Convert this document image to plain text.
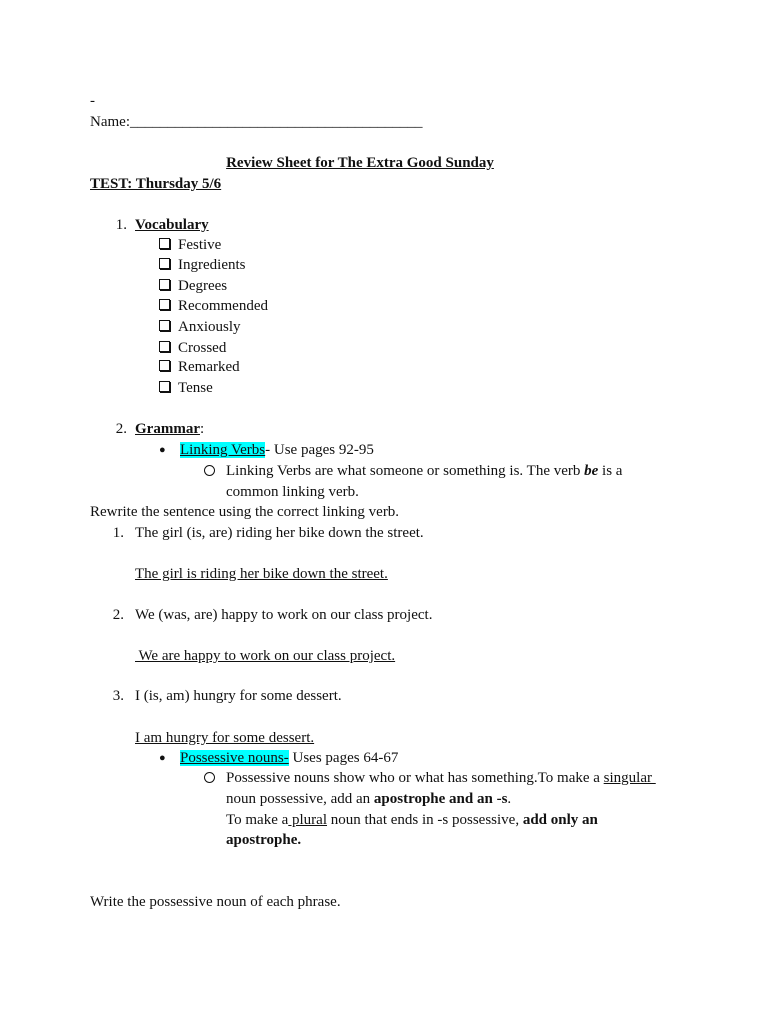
-
Name:_______________________________________
Review Sheet for The Extra Good Sunday
TEST: Thursday 5/6
1. Vocabulary
Festive
Ingredients
Degrees
Recommended
Anxiously
Crossed
Remarked
Tense
2. Grammar:
● Linking Verbs- Use pages 92-95
Linking Verbs are what someone or something is. The verb be is a
common linking verb.
Rewrite the sentence using the correct linking verb.
1. The girl (is, are) riding her bike down the street.
The girl is riding her bike down the street.
2. We (was, are) happy to work on our class project.
We are happy to work on our class project.
3. I (is, am) hungry for some dessert.
I am hungry for some dessert.
● Possessive nouns- Uses pages 64-67
Possessive nouns show who or what has something.To make a singular
noun possessive, add an apostrophe and an -s.
To make a plural noun that ends in -s possessive, add only an
apostrophe.
Write the possessive noun of each phrase.
